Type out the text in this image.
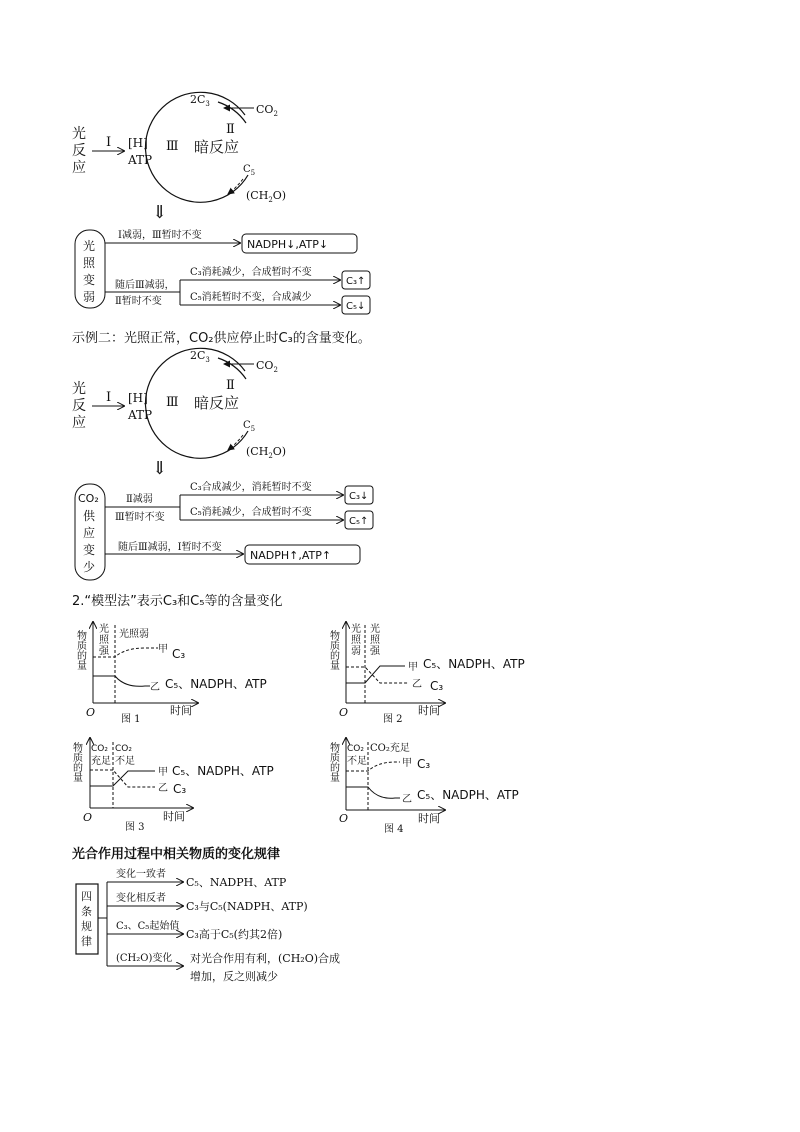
光
反
应
I [H]
ATP
Ⅲ 暗反应
$2C_3$	$CO_2$
Ⅱ
$C_5$
$(CH_2O)$
⇓
光
照
变
弱
Ⅰ减弱，Ⅲ暂时不变
NADPH↓,ATP↓
随后Ⅲ减弱，
Ⅱ暂时不变
C₃消耗减少，合成暂时不变
C₅消耗暂时不变，合成减少
C₃↑
C₅↓
示例二：光照正常，CO₂供应停止时C₃的含量变化。
光
反
应
I [H]
ATP
Ⅲ 暗反应
$2C_3$	$CO_2$
Ⅱ
$C_5$
$(CH_2O)$
⇓
CO₂
供
应
变
少
Ⅱ减弱
Ⅲ暂时不变
C₃合成减少，消耗暂时不变
C₅消耗减少，合成暂时不变
C₃↓
C₅↑
随后Ⅲ减弱，Ⅰ暂时不变
NADPH↑,ATP↑
2.“模型法”表示C₃和C₅等的含量变化
O	时间
物质的量
光
照
强
光照弱
甲 C₃
乙 C₅、NADPH、ATP
图 1
O	时间
物质的量
光
照
弱
光
照
强
甲 C₅、NADPH、ATP
乙 C₃
图 2
O	时间
物质的量 CO₂
充足
CO₂
不足
甲 C₅、NADPH、ATP
乙 C₃
图 3
O	时间
物质的量 CO₂
不足
CO₂充足
甲 C₃
乙 C₅、NADPH、ATP
图 4
光合作用过程中相关物质的变化规律
四
条
规
律
变化一致者
变化相反者
C₃、C₅起始值
(CH₂O)变化
C₅、NADPH、ATP
C₃与C₅(NADPH、ATP)
C₃高于C₅(约其2倍)
对光合作用有利，(CH₂O)合成
增加，反之则减少
